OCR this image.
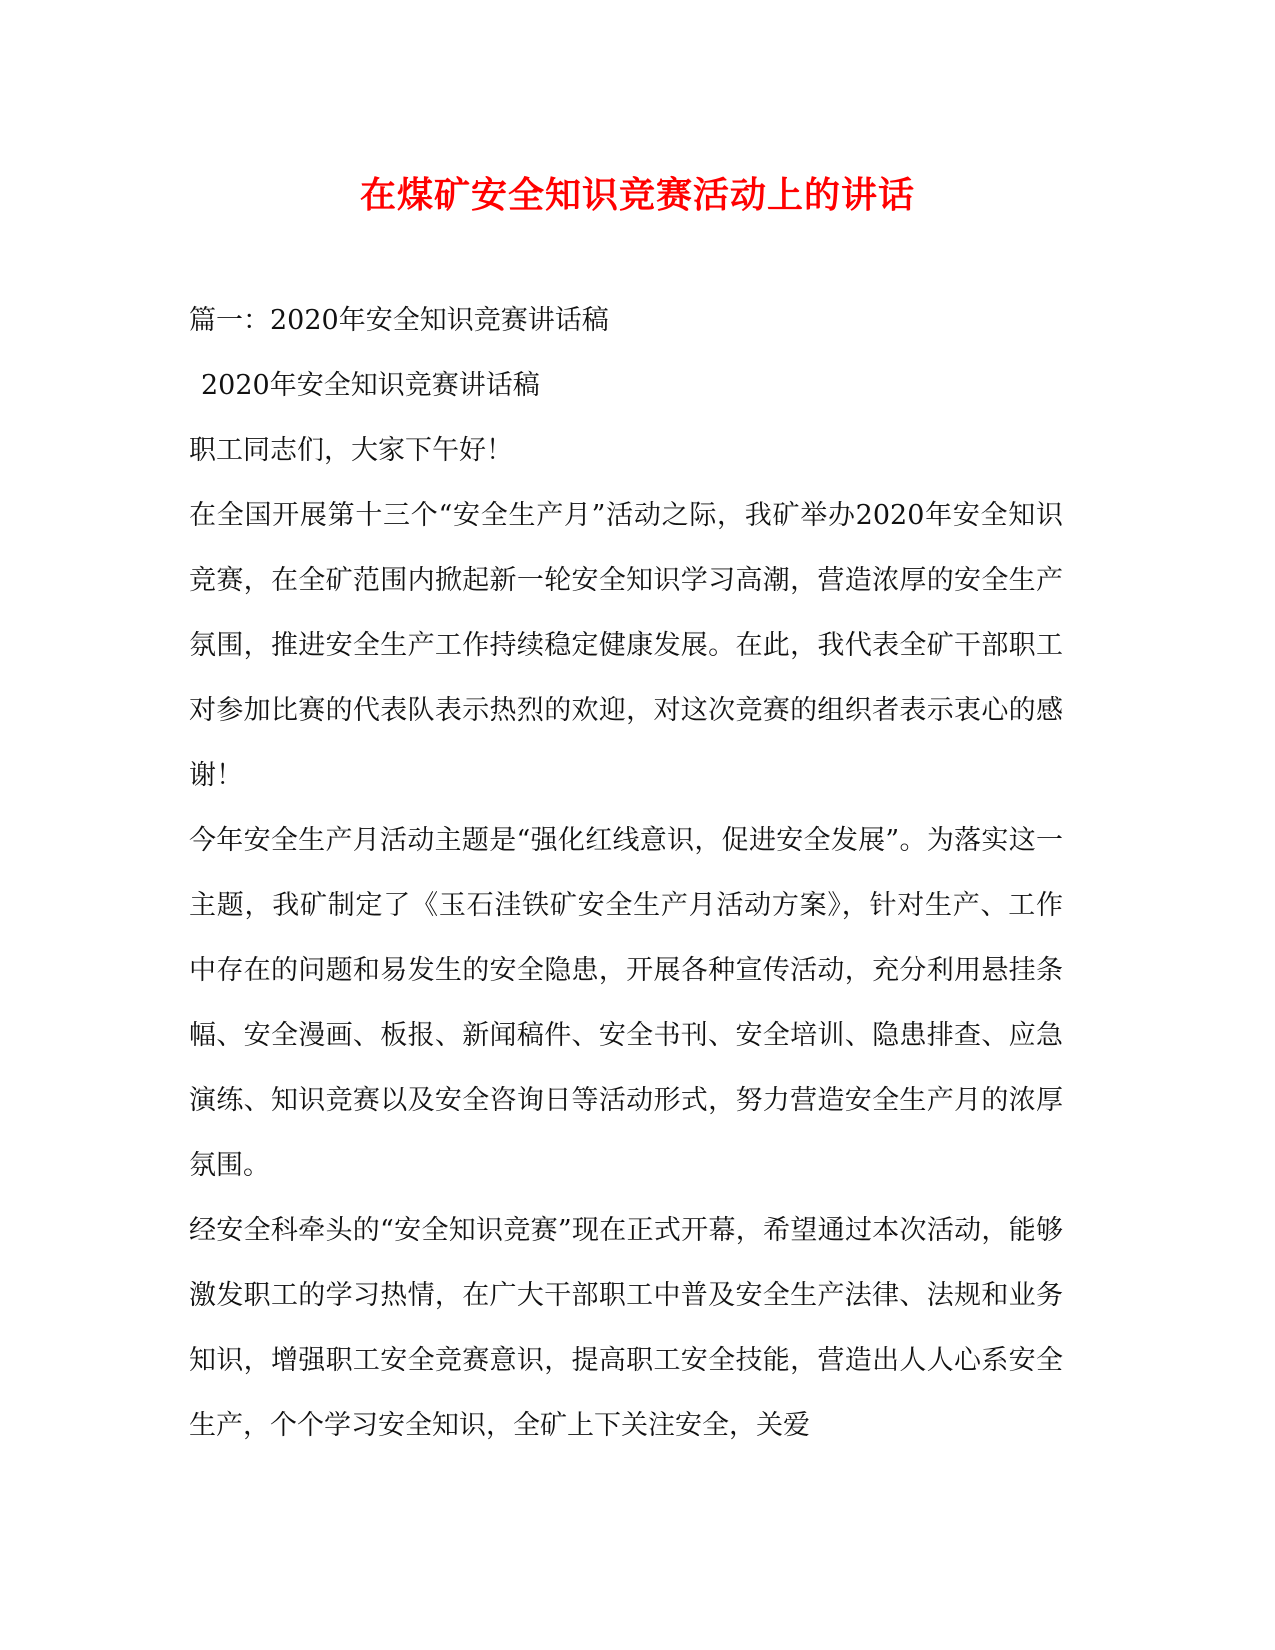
在煤矿安全知识竞赛活动上的讲话

篇一：2020年安全知识竞赛讲话稿

2020年安全知识竞赛讲话稿

职工同志们，大家下午好！

在全国开展第十三个“安全生产月”活动之际，我矿举办2020年安全知识竞赛，在全矿范围内掀起新一轮安全知识学习高潮，营造浓厚的安全生产氛围，推进安全生产工作持续稳定健康发展。在此，我代表全矿干部职工对参加比赛的代表队表示热烈的欢迎，对这次竞赛的组织者表示衷心的感谢！

今年安全生产月活动主题是“强化红线意识，促进安全发展”。为落实这一主题，我矿制定了《玉石洼铁矿安全生产月活动方案》，针对生产、工作中存在的问题和易发生的安全隐患，开展各种宣传活动，充分利用悬挂条幅、安全漫画、板报、新闻稿件、安全书刊、安全培训、隐患排查、应急演练、知识竞赛以及安全咨询日等活动形式，努力营造安全生产月的浓厚氛围。

经安全科牵头的“安全知识竞赛”现在正式开幕，希望通过本次活动，能够激发职工的学习热情，在广大干部职工中普及安全生产法律、法规和业务知识，增强职工安全竞赛意识，提高职工安全技能，营造出人人心系安全生产，个个学习安全知识，全矿上下关注安全，关爱
